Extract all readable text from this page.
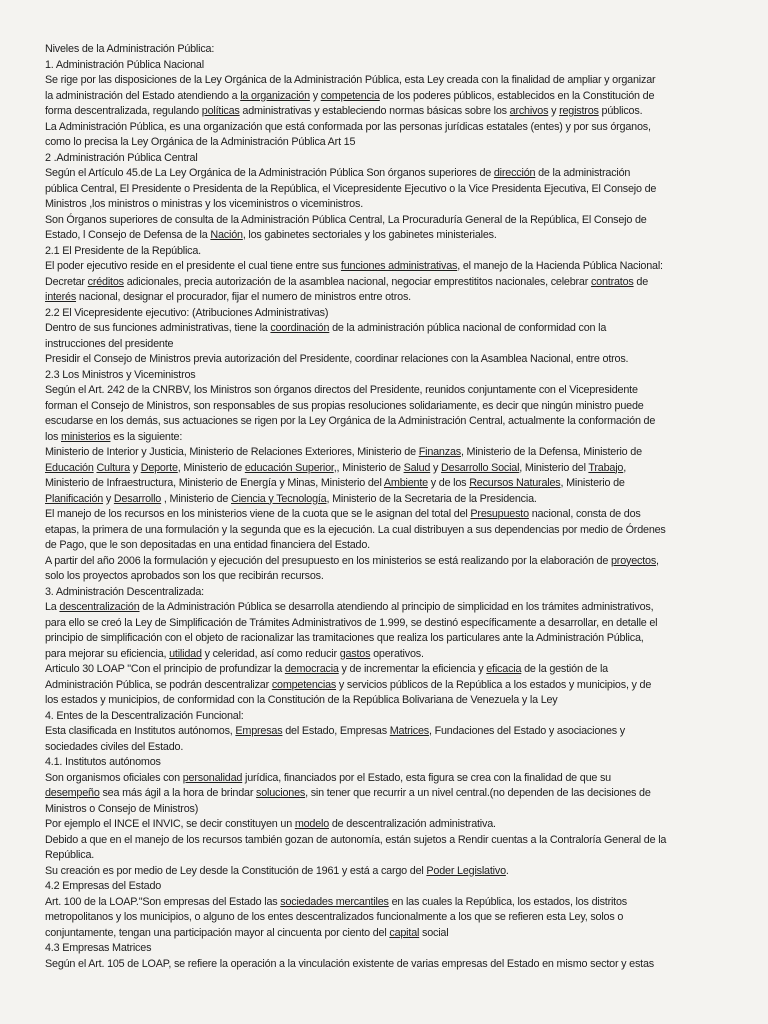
Niveles de la Administración Pública:
1. Administración Pública Nacional
Se rige por las disposiciones de la Ley Orgánica de la Administración Pública, esta Ley creada con la finalidad de ampliar y organizar
la administración del Estado atendiendo a la organización y competencia de los poderes públicos, establecidos en la Constitución de
forma descentralizada, regulando políticas administrativas y estableciendo normas básicas sobre los archivos y registros públicos.
La Administración Pública, es una organización que está conformada por las personas jurídicas estatales (entes) y por sus órganos,
como lo precisa la Ley Orgánica de la Administración Pública Art 15
2 .Administración Pública Central
Según el Artículo 45.de La Ley Orgánica de la Administración Pública Son órganos superiores de dirección de la administración
pública Central, El Presidente o Presidenta de la República, el Vicepresidente Ejecutivo o la Vice Presidenta Ejecutiva, El Consejo de
Ministros ,los ministros o ministras y los viceministros o viceministros.
Son Órganos superiores de consulta de la Administración Pública Central, La Procuraduría General de la República, El Consejo de
Estado, l Consejo de Defensa de la Nación, los gabinetes sectoriales y los gabinetes ministeriales.
2.1 El Presidente de la República.
El poder ejecutivo reside en el presidente el cual tiene entre sus funciones administrativas, el manejo de la Hacienda Pública Nacional:
Decretar créditos adicionales, precia autorización de la asamblea nacional, negociar emprestititos nacionales, celebrar contratos de
interés nacional, designar el procurador, fijar el numero de ministros entre otros.
2.2 El Vicepresidente ejecutivo: (Atribuciones Administrativas)
Dentro de sus funciones administrativas, tiene la coordinación de la administración pública nacional de conformidad con la
instrucciones del presidente
Presidir el Consejo de Ministros previa autorización del Presidente, coordinar relaciones con la Asamblea Nacional, entre otros.
2.3 Los Ministros y Viceministros
Según el Art. 242 de la CNRBV, los Ministros son órganos directos del Presidente, reunidos conjuntamente con el Vicepresidente
forman el Consejo de Ministros, son responsables de sus propias resoluciones solidariamente, es decir que ningún ministro puede
escudarse en los demás, sus actuaciones se rigen por la Ley Orgánica de la Administración Central, actualmente la conformación de
los ministerios es la siguiente:
Ministerio de Interior y Justicia, Ministerio de Relaciones Exteriores, Ministerio de Finanzas, Ministerio de la Defensa, Ministerio de
Educación Cultura y Deporte, Ministerio de educación Superior,, Ministerio de Salud y Desarrollo Social, Ministerio del Trabajo,
Ministerio de Infraestructura, Ministerio de Energía y Minas, Ministerio del Ambiente y de los Recursos Naturales, Ministerio de
Planificación y Desarrollo , Ministerio de Ciencia y Tecnología, Ministerio de la Secretaria de la Presidencia.
El manejo de los recursos en los ministerios viene de la cuota que se le asignan del total del Presupuesto nacional, consta de dos
etapas, la primera de una formulación y la segunda que es la ejecución. La cual distribuyen a sus dependencias por medio de Órdenes
de Pago, que le son depositadas en una entidad financiera del Estado.
A partir del año 2006 la formulación y ejecución del presupuesto en los ministerios se está realizando por la elaboración de proyectos,
solo los proyectos aprobados son los que recibirán recursos.
3. Administración Descentralizada:
La descentralización de la Administración Pública se desarrolla atendiendo al principio de simplicidad en los trámites administrativos,
para ello se creó la Ley de Simplificación de Trámites Administrativos de 1.999, se destinó específicamente a desarrollar, en detalle el
principio de simplificación con el objeto de racionalizar las tramitaciones que realiza los particulares ante la Administración Pública,
para mejorar su eficiencia, utilidad y celeridad, así como reducir gastos operativos.
Articulo 30 LOAP "Con el principio de profundizar la democracia y de incrementar la eficiencia y eficacia de la gestión de la
Administración Pública, se podrán descentralizar competencias y servicios públicos de la República a los estados y municipios, y de
los estados y municipios, de conformidad con la Constitución de la República Bolivariana de Venezuela y la Ley
4. Entes de la Descentralización Funcional:
Esta clasificada en Institutos autónomos, Empresas del Estado, Empresas Matrices, Fundaciones del Estado y asociaciones y
sociedades civiles del Estado.
4.1. Institutos autónomos
Son organismos oficiales con personalidad jurídica, financiados por el Estado, esta figura se crea con la finalidad de que su
desempeño sea más ágil a la hora de brindar soluciones, sin tener que recurrir a un nivel central.(no dependen de las decisiones de
Ministros o Consejo de Ministros)
Por ejemplo el INCE el INVIC, se decir constituyen un modelo de descentralización administrativa.
Debido a que en el manejo de los recursos también gozan de autonomía, están sujetos a Rendir cuentas a la Contraloría General de la
República.
Su creación es por medio de Ley desde la Constitución de 1961 y está a cargo del Poder Legislativo.
4.2 Empresas del Estado
Art. 100 de la LOAP."Son empresas del Estado las sociedades mercantiles en las cuales la República, los estados, los distritos
metropolitanos y los municipios, o alguno de los entes descentralizados funcionalmente a los que se refieren esta Ley, solos o
conjuntamente, tengan una participación mayor al cincuenta por ciento del capital social
4.3 Empresas Matrices
Según el Art. 105 de LOAP, se refiere la operación a la vinculación existente de varias empresas del Estado en mismo sector y estas
